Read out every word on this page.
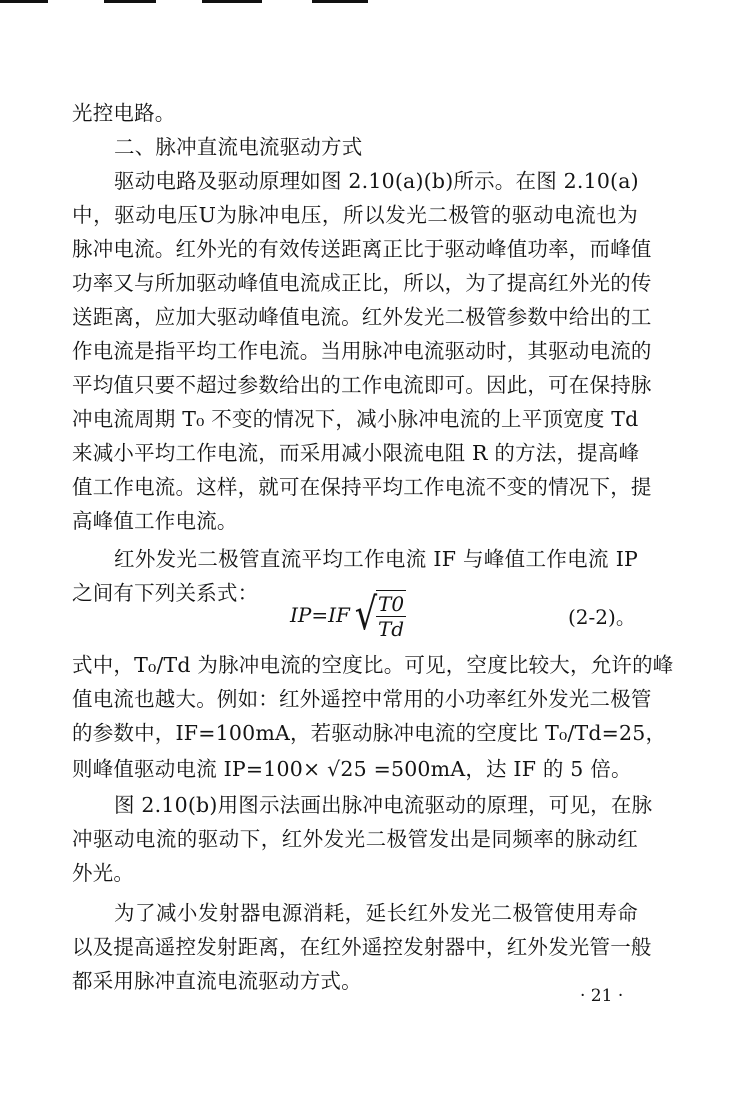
光控电路。
二、脉冲直流电流驱动方式
驱动电路及驱动原理如图 2.10(a)(b)所示。在图 2.10(a)
中，驱动电压U为脉冲电压，所以发光二极管的驱动电流也为
脉冲电流。红外光的有效传送距离正比于驱动峰值功率，而峰值
功率又与所加驱动峰值电流成正比，所以，为了提高红外光的传
送距离，应加大驱动峰值电流。红外发光二极管参数中给出的工
作电流是指平均工作电流。当用脉冲电流驱动时，其驱动电流的
平均值只要不超过参数给出的工作电流即可。因此，可在保持脉
冲电流周期 T₀ 不变的情况下，减小脉冲电流的上平顶宽度 Td
来减小平均工作电流，而采用减小限流电阻 R 的方法，提高峰
值工作电流。这样，就可在保持平均工作电流不变的情况下，提
高峰值工作电流。
红外发光二极管直流平均工作电流 IF 与峰值工作电流 IP
之间有下列关系式：
IP=IF √
$\frac{T0}{Td}$	(2-2)。
式中，T₀/Td 为脉冲电流的空度比。可见，空度比较大，允许的峰
值电流也越大。例如：红外遥控中常用的小功率红外发光二极管
的参数中，IF=100mA，若驱动脉冲电流的空度比 T₀/Td=25，
则峰值驱动电流 IP=100× √25 =500mA，达 IF 的 5 倍。
图 2.10(b)用图示法画出脉冲电流驱动的原理，可见，在脉
冲驱动电流的驱动下，红外发光二极管发出是同频率的脉动红
外光。
为了减小发射器电源消耗，延长红外发光二极管使用寿命
以及提高遥控发射距离，在红外遥控发射器中，红外发光管一般
都采用脉冲直流电流驱动方式。
· 21 ·
